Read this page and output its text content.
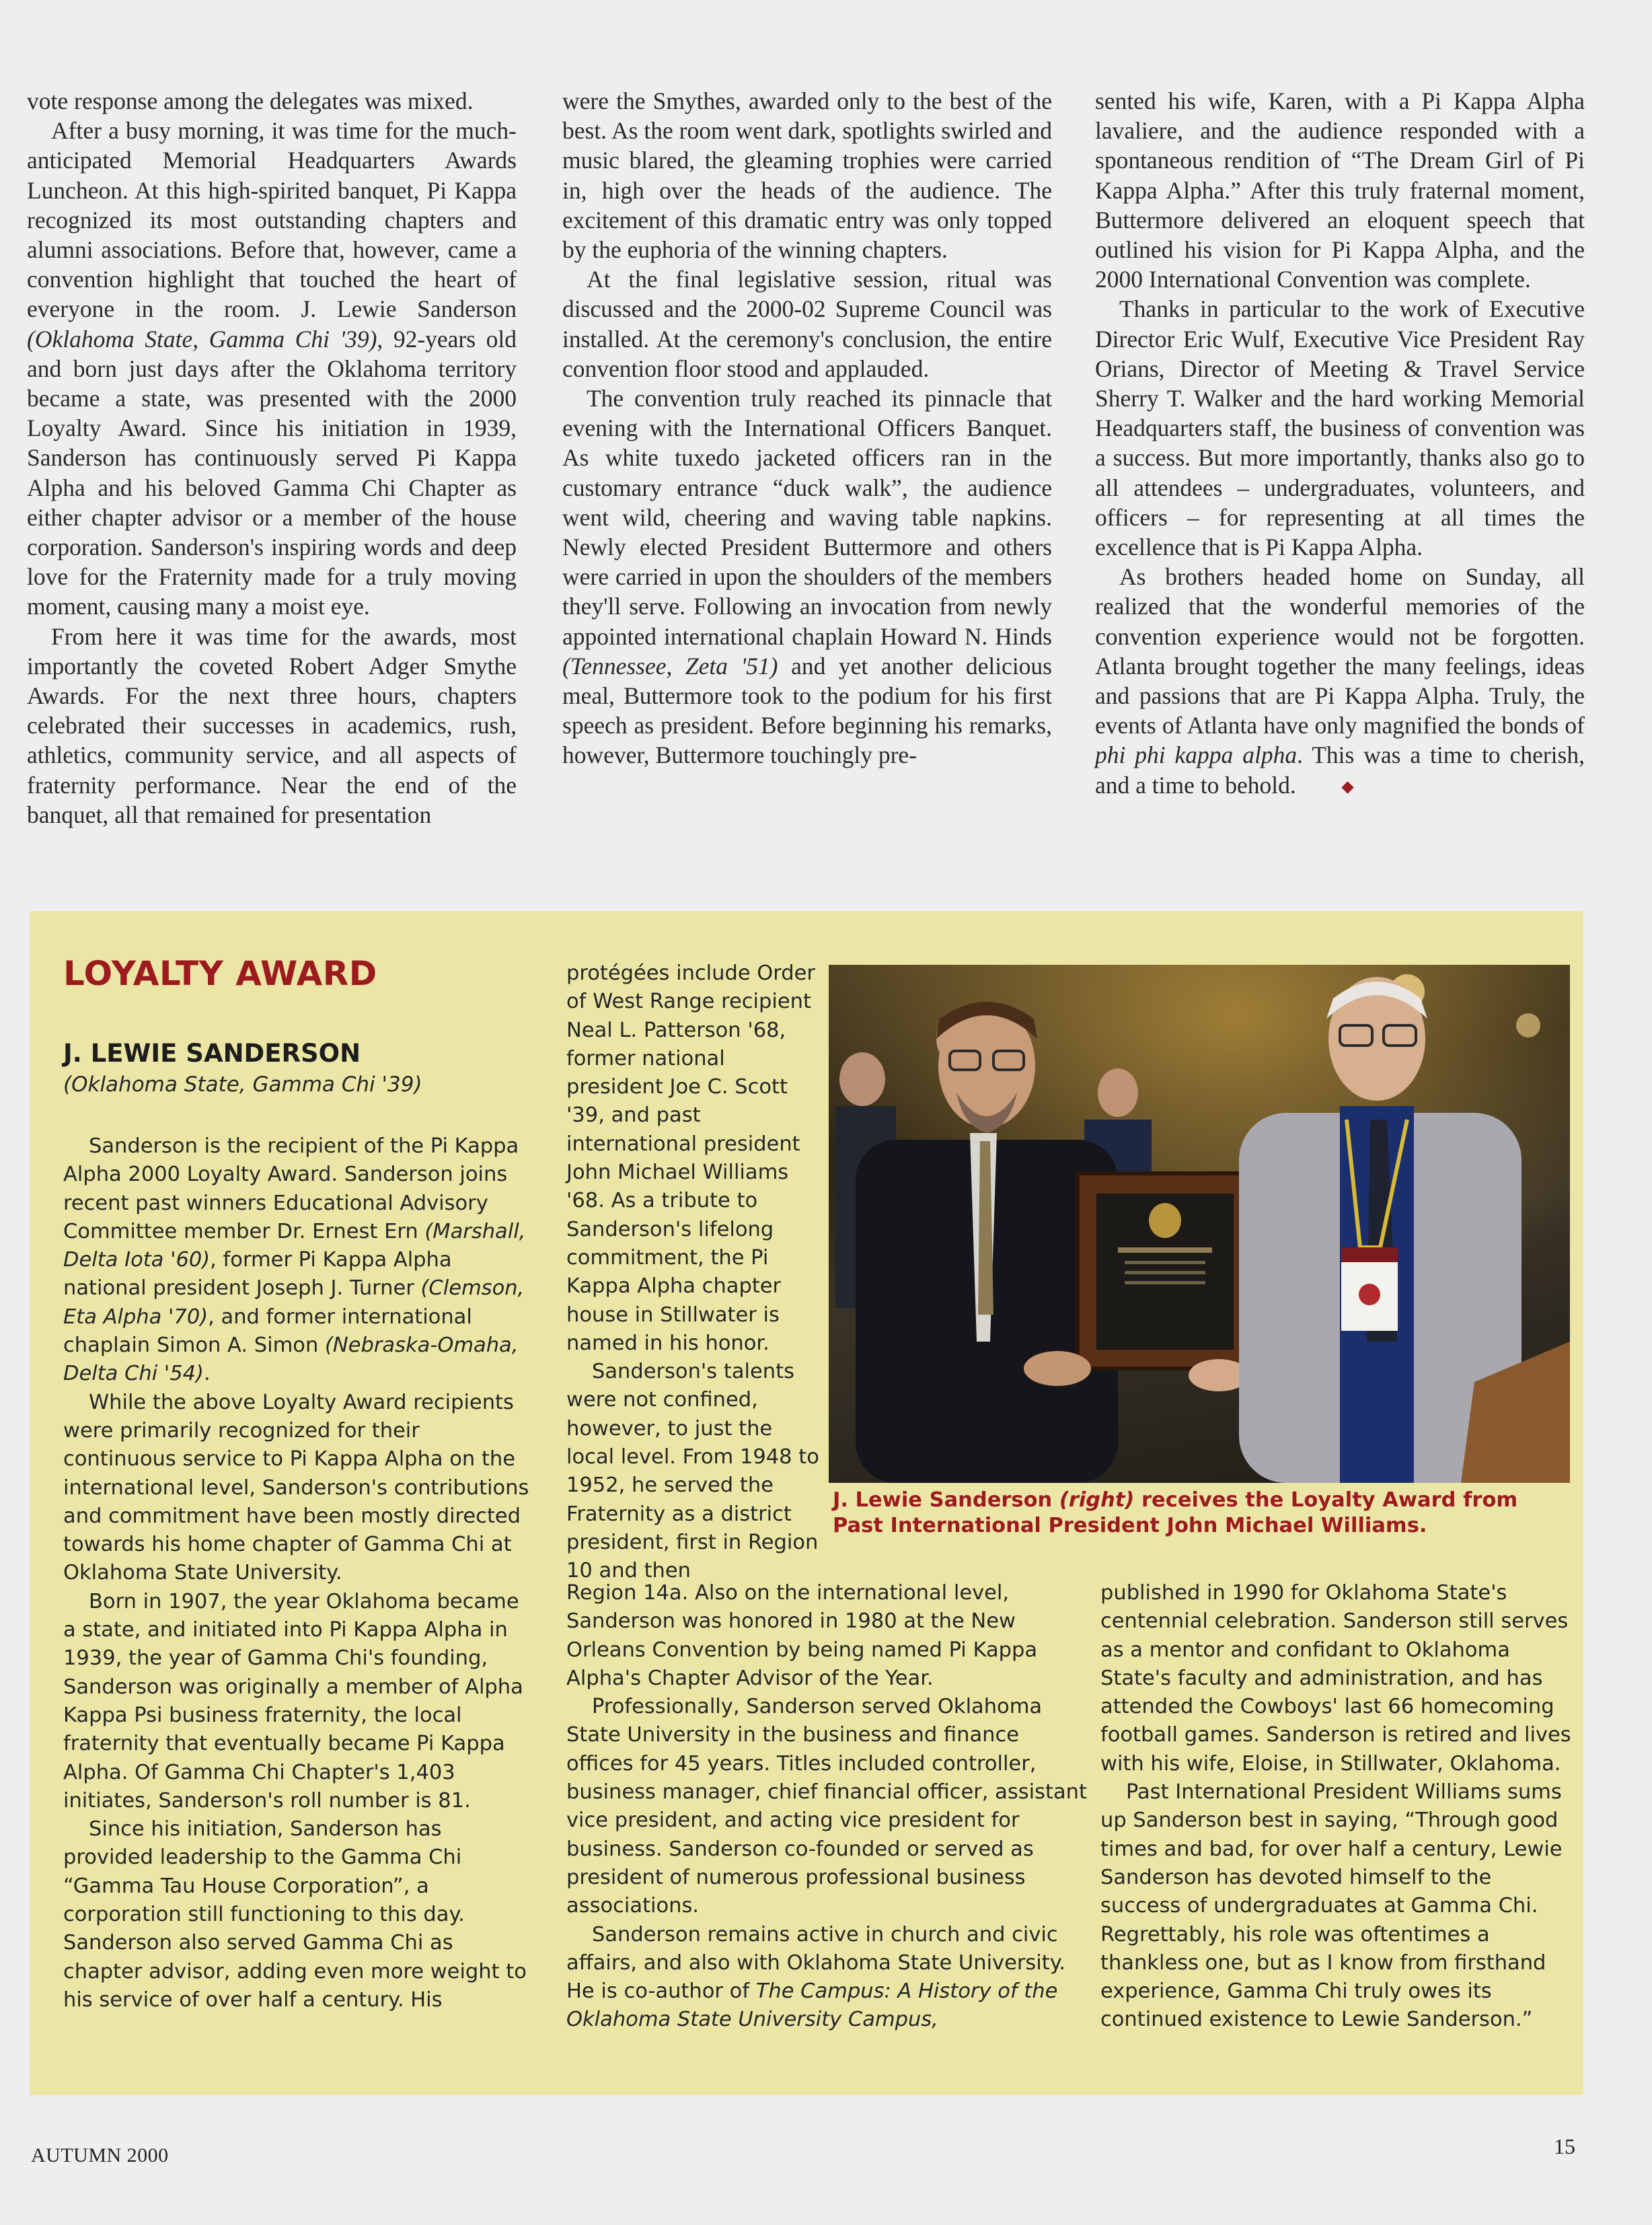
vote response among the delegates was mixed.

After a busy morning, it was time for the much-anticipated Memorial Headquarters Awards Luncheon. At this high-spirited banquet, Pi Kappa recognized its most outstanding chapters and alumni associations. Before that, however, came a convention highlight that touched the heart of everyone in the room. J. Lewie Sanderson (Oklahoma State, Gamma Chi '39), 92-years old and born just days after the Oklahoma territory became a state, was presented with the 2000 Loyalty Award. Since his initiation in 1939, Sanderson has continuously served Pi Kappa Alpha and his beloved Gamma Chi Chapter as either chapter advisor or a member of the house corporation. Sanderson's inspiring words and deep love for the Fraternity made for a truly moving moment, causing many a moist eye.

From here it was time for the awards, most importantly the coveted Robert Adger Smythe Awards. For the next three hours, chapters celebrated their successes in academics, rush, athletics, community service, and all aspects of fraternity performance. Near the end of the banquet, all that remained for presentation

were the Smythes, awarded only to the best of the best. As the room went dark, spotlights swirled and music blared, the gleaming trophies were carried in, high over the heads of the audience. The excitement of this dramatic entry was only topped by the euphoria of the winning chapters.

At the final legislative session, ritual was discussed and the 2000-02 Supreme Council was installed. At the ceremony's conclusion, the entire convention floor stood and applauded.

The convention truly reached its pinnacle that evening with the International Officers Banquet. As white tuxedo jacketed officers ran in the customary entrance “duck walk”, the audience went wild, cheering and waving table napkins. Newly elected President Buttermore and others were carried in upon the shoulders of the members they'll serve. Following an invocation from newly appointed international chaplain Howard N. Hinds (Tennessee, Zeta '51) and yet another delicious meal, Buttermore took to the podium for his first speech as president. Before beginning his remarks, however, Buttermore touchingly pre-

sented his wife, Karen, with a Pi Kappa Alpha lavaliere, and the audience responded with a spontaneous rendition of “The Dream Girl of Pi Kappa Alpha.” After this truly fraternal moment, Buttermore delivered an eloquent speech that outlined his vision for Pi Kappa Alpha, and the 2000 International Convention was complete.

Thanks in particular to the work of Executive Director Eric Wulf, Executive Vice President Ray Orians, Director of Meeting & Travel Service Sherry T. Walker and the hard working Memorial Headquarters staff, the business of convention was a success. But more importantly, thanks also go to all attendees – undergraduates, volunteers, and officers – for representing at all times the excellence that is Pi Kappa Alpha.

As brothers headed home on Sunday, all realized that the wonderful memories of the convention experience would not be forgotten. Atlanta brought together the many feelings, ideas and passions that are Pi Kappa Alpha. Truly, the events of Atlanta have only magnified the bonds of phi phi kappa alpha. This was a time to cherish, and a time to behold.

LOYALTY AWARD
J. LEWIE SANDERSON
(Oklahoma State, Gamma Chi '39)

Sanderson is the recipient of the Pi Kappa Alpha 2000 Loyalty Award. Sanderson joins recent past winners Educational Advisory Committee member Dr. Ernest Ern (Marshall, Delta Iota '60), former Pi Kappa Alpha national president Joseph J. Turner (Clemson, Eta Alpha '70), and former international chaplain Simon A. Simon (Nebraska-Omaha, Delta Chi '54).

While the above Loyalty Award recipients were primarily recognized for their continuous service to Pi Kappa Alpha on the international level, Sanderson's contributions and commitment have been mostly directed towards his home chapter of Gamma Chi at Oklahoma State University.

Born in 1907, the year Oklahoma became a state, and initiated into Pi Kappa Alpha in 1939, the year of Gamma Chi's founding, Sanderson was originally a member of Alpha Kappa Psi business fraternity, the local fraternity that eventually became Pi Kappa Alpha. Of Gamma Chi Chapter's 1,403 initiates, Sanderson's roll number is 81.

Since his initiation, Sanderson has provided leadership to the Gamma Chi “Gamma Tau House Corporation”, a corporation still functioning to this day. Sanderson also served Gamma Chi as chapter advisor, adding even more weight to his service of over half a century. His

protégées include Order of West Range recipient Neal L. Patterson '68, former national president Joe C. Scott '39, and past international president John Michael Williams '68. As a tribute to Sanderson's lifelong commitment, the Pi Kappa Alpha chapter house in Stillwater is named in his honor.

Sanderson's talents were not confined, however, to just the local level. From 1948 to 1952, he served the Fraternity as a district president, first in Region 10 and then

J. Lewie Sanderson (right) receives the Loyalty Award from Past International President John Michael Williams.

Region 14a. Also on the international level, Sanderson was honored in 1980 at the New Orleans Convention by being named Pi Kappa Alpha's Chapter Advisor of the Year.

Professionally, Sanderson served Oklahoma State University in the business and finance offices for 45 years. Titles included controller, business manager, chief financial officer, assistant vice president, and acting vice president for business. Sanderson co-founded or served as president of numerous professional business associations.

Sanderson remains active in church and civic affairs, and also with Oklahoma State University. He is co-author of The Campus: A History of the Oklahoma State University Campus,

published in 1990 for Oklahoma State's centennial celebration. Sanderson still serves as a mentor and confidant to Oklahoma State's faculty and administration, and has attended the Cowboys' last 66 homecoming football games. Sanderson is retired and lives with his wife, Eloise, in Stillwater, Oklahoma.

Past International President Williams sums up Sanderson best in saying, “Through good times and bad, for over half a century, Lewie Sanderson has devoted himself to the success of undergraduates at Gamma Chi. Regrettably, his role was oftentimes a thankless one, but as I know from firsthand experience, Gamma Chi truly owes its continued existence to Lewie Sanderson.”

AUTUMN 2000	15
